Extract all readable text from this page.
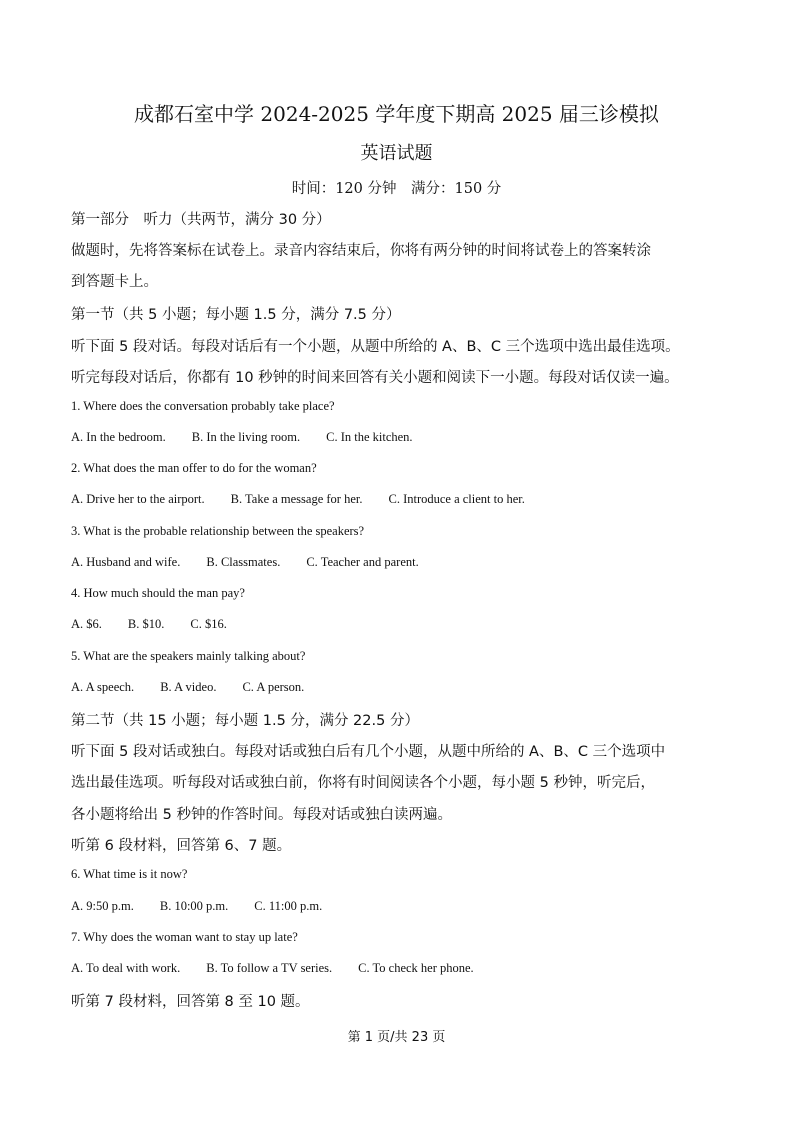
成都石室中学 2024-2025 学年度下期高 2025 届三诊模拟
英语试题
时间：120 分钟　满分：150 分
第一部分　听力（共两节，满分 30 分）
做题时，先将答案标在试卷上。录音内容结束后，你将有两分钟的时间将试卷上的答案转涂
到答题卡上。
第一节（共 5 小题；每小题 1.5 分，满分 7.5 分）
听下面 5 段对话。每段对话后有一个小题，从题中所给的 A、B、C 三个选项中选出最佳选项。
听完每段对话后，你都有 10 秒钟的时间来回答有关小题和阅读下一小题。每段对话仅读一遍。
1. Where does the conversation probably take place?
A. In the bedroom. B. In the living room. C. In the kitchen.
2. What does the man offer to do for the woman?
A. Drive her to the airport. B. Take a message for her. C. Introduce a client to her.
3. What is the probable relationship between the speakers?
A. Husband and wife. B. Classmates. C. Teacher and parent.
4. How much should the man pay?
A. $6. B. $10. C. $16.
5. What are the speakers mainly talking about?
A. A speech. B. A video. C. A person.
第二节（共 15 小题；每小题 1.5 分，满分 22.5 分）
听下面 5 段对话或独白。每段对话或独白后有几个小题，从题中所给的 A、B、C 三个选项中
选出最佳选项。听每段对话或独白前，你将有时间阅读各个小题，每小题 5 秒钟，听完后，
各小题将给出 5 秒钟的作答时间。每段对话或独白读两遍。
听第 6 段材料，回答第 6、7 题。
6. What time is it now?
A. 9:50 p.m. B. 10:00 p.m. C. 11:00 p.m.
7. Why does the woman want to stay up late?
A. To deal with work. B. To follow a TV series. C. To check her phone.
听第 7 段材料，回答第 8 至 10 题。
第 1 页/共 23 页
